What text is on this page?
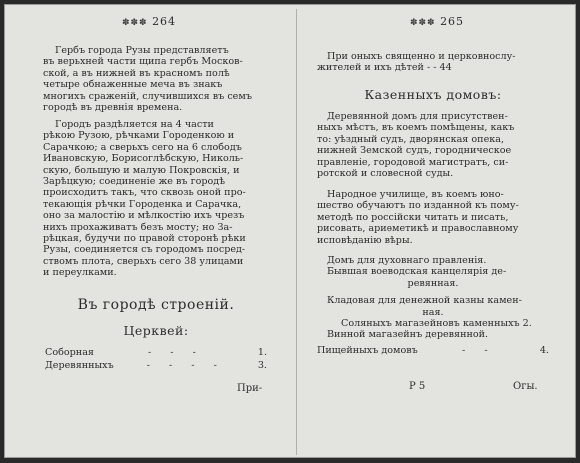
✽✽✽ 264

Гербъ города Рузы представляетъ
въ верьхней части щипа гербъ Москов-
ской, а въ нижней въ красномъ полѣ
четыре обнаженные меча въ знакъ
многихъ сраженій, случившихся въ семъ
городѣ въ древнія времена.

Городъ раздѣляется на 4 части
рѣкою Рузою, рѣчками Городенкою и
Сарачкою; а сверьхъ сего на 6 слободъ
Ивановскую, Борисоглѣбскую, Николь-
скую, большую и малую Покровскія, и
Зарѣцкую; соединеніе же въ городѣ
происходитъ такъ, что сквозь оной про-
текающія рѣчки Городенка и Сарачка,
оно за малостію и мѣлкостію ихъ чрезъ
нихъ прохаживатъ безъ мосту; но За-
рѣцкая, будучи по правой сторонѣ рѣки
Рузы, соединяется съ городомъ посред-
ствомъ плота, сверьхъ сего 38 улицами
и переулками.

Въ городѣ строеній.
Церквей:
Соборная	- - -	1.
Деревянныхъ	- - - -	3.
При-
✽✽✽ 265

При оныхъ священно и церковнослу-
жителей и ихъ дѣтей - - 44

Казенныхъ домовъ:

Деревянной домъ для присутствен-
ныхъ мѣстъ, въ коемъ помѣщены, какъ
то: уѣздный судъ, дворянская опека,
нижней Земской судъ, городническое
правленіе, городовой магистратъ, си-
ротской и словесной суды.

Народное училище, въ коемъ юно-
шество обучаютъ по изданной къ пому-
методѣ по россійски читать и писать,
рисовать, ариѳметикѣ и православному
исповѣданію вѣры.

Домъ для духовнаго правленія.
Бывшая воеводская канцелярія де-
ревянная.
Кладовая для денежной казны камен-
ная.
Соляныхъ магазейновъ каменныхъ 2.
Винной магазейнъ деревянной.

Пищейныхъ домовъ	- -	4.
P 5	Огы.
